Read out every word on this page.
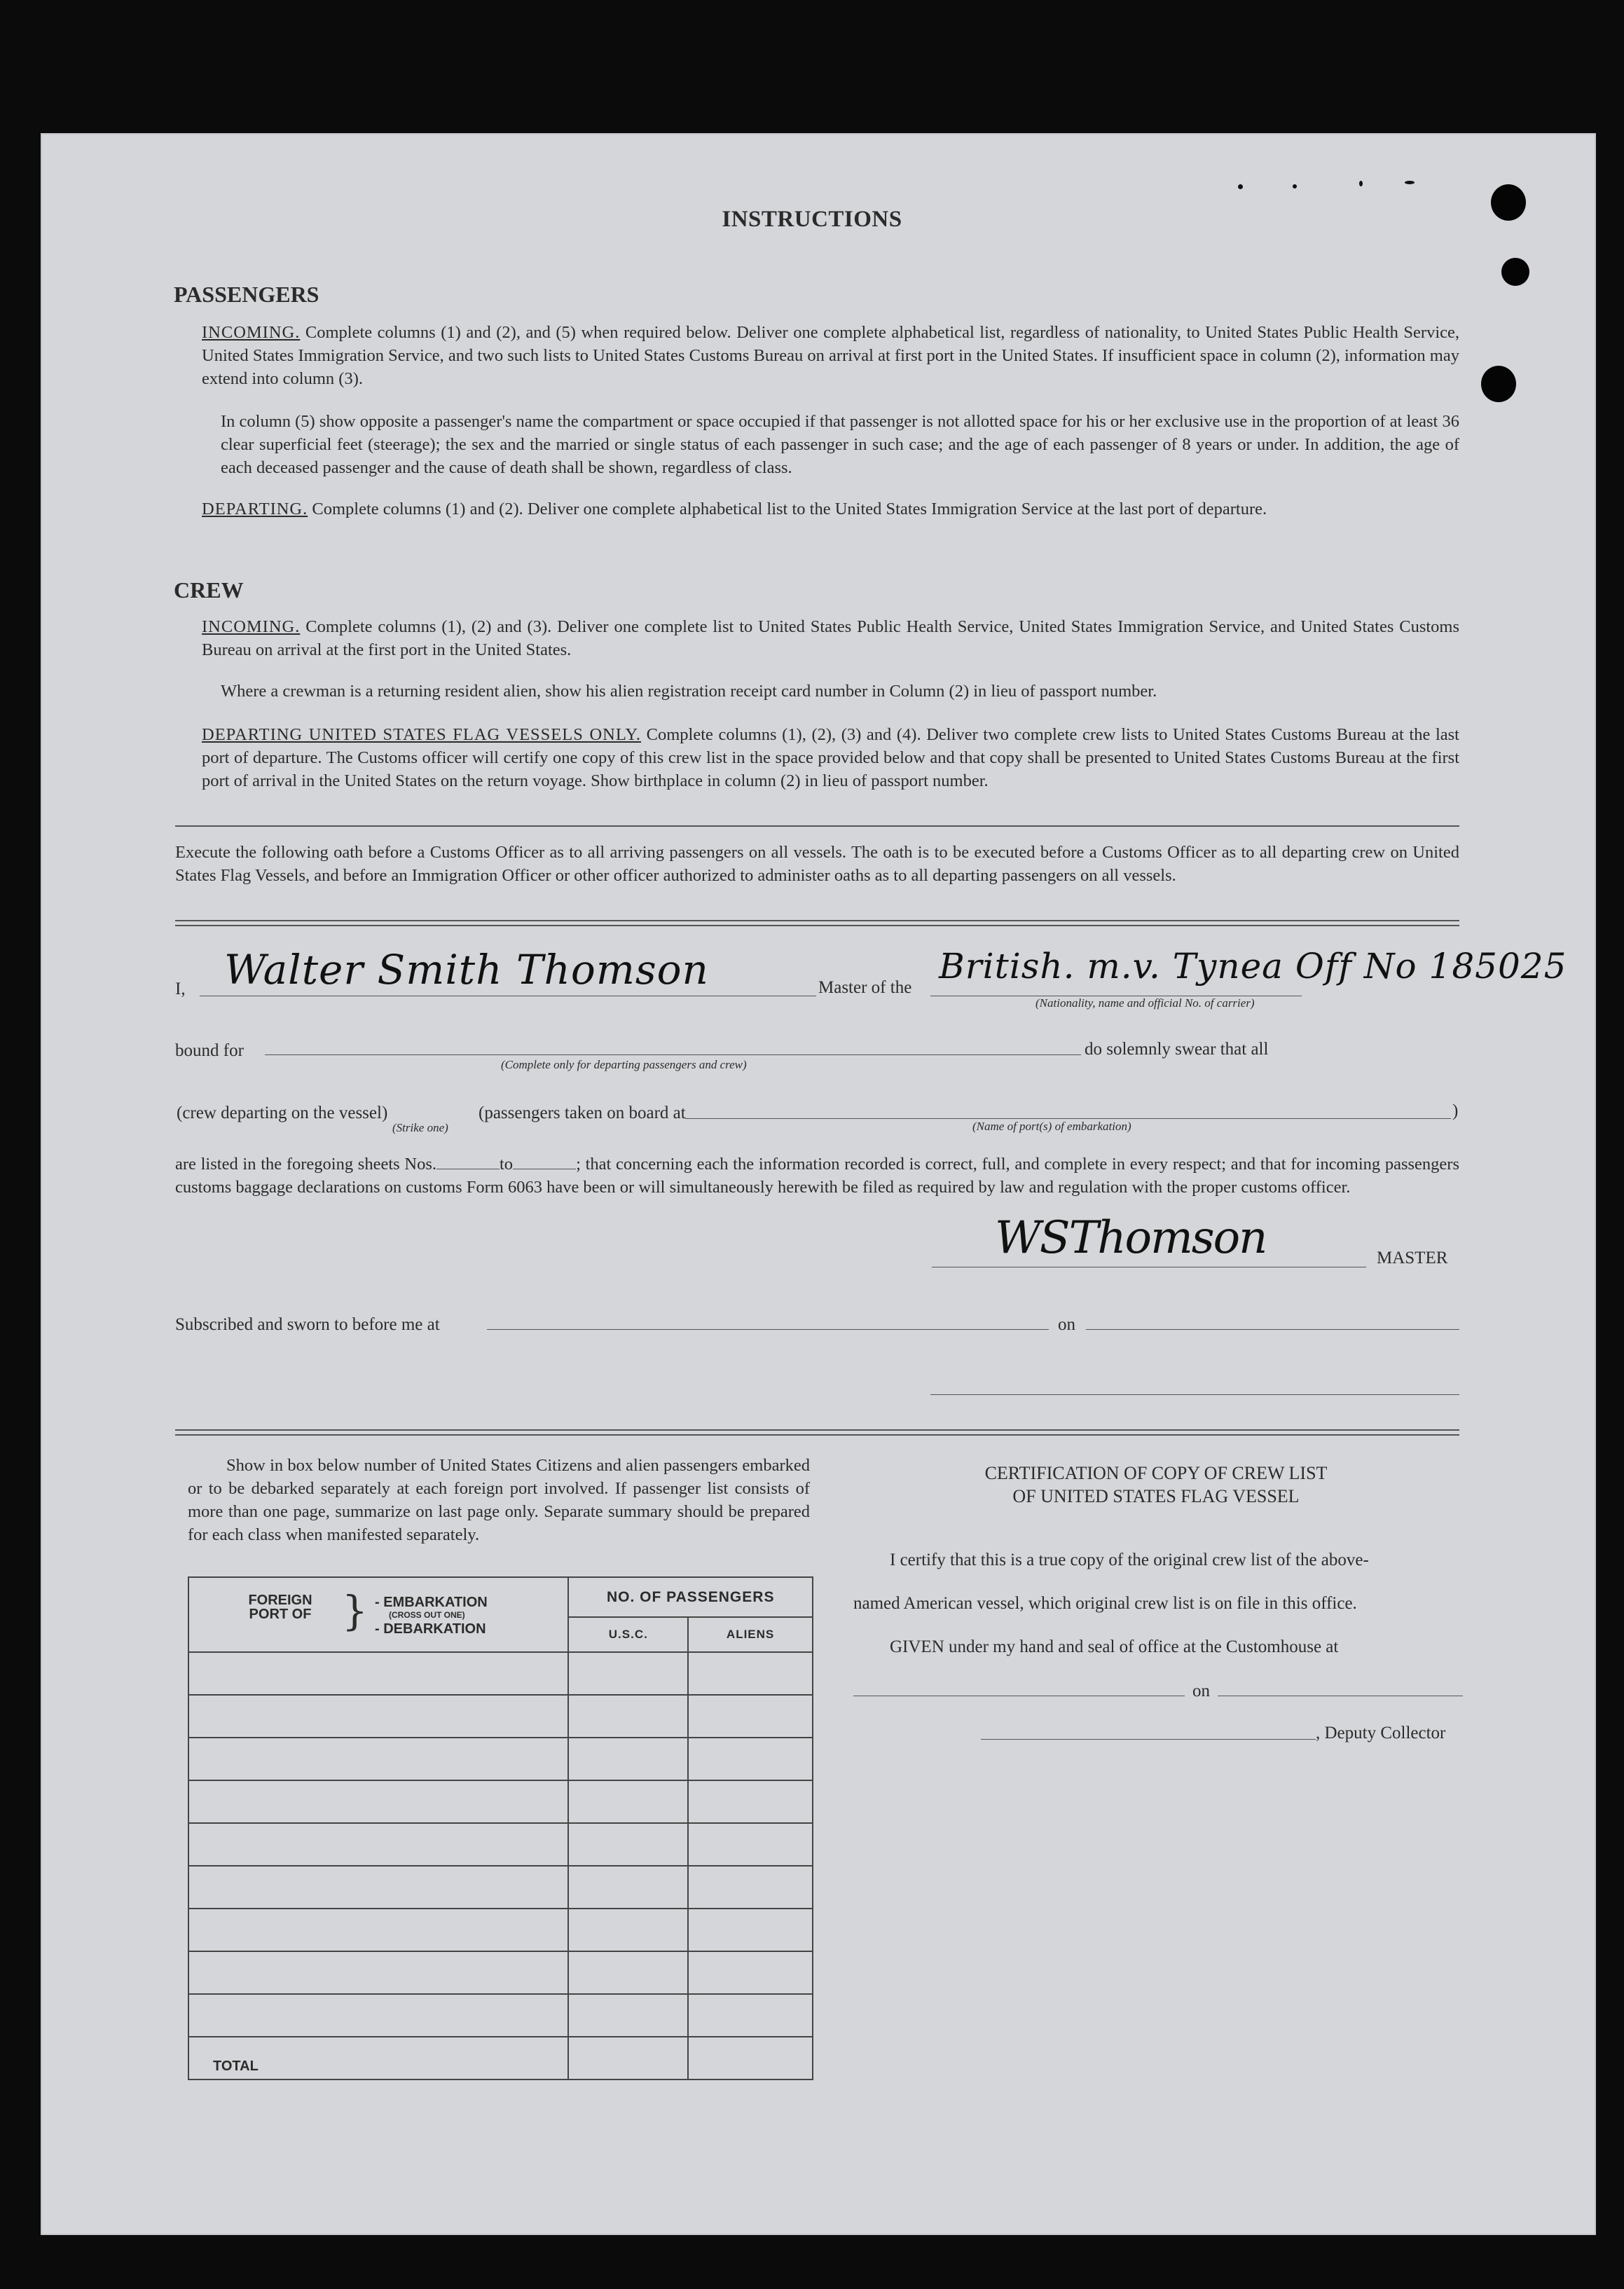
INSTRUCTIONS
PASSENGERS
INCOMING. Complete columns (1) and (2), and (5) when required below. Deliver one complete alphabetical list, regardless of nationality, to United States Public Health Service, United States Immigration Service, and two such lists to United States Customs Bureau on arrival at first port in the United States. If insufficient space in column (2), information may extend into column (3).
In column (5) show opposite a passenger's name the compartment or space occupied if that passenger is not allotted space for his or her exclusive use in the proportion of at least 36 clear superficial feet (steerage); the sex and the married or single status of each passenger in such case; and the age of each passenger of 8 years or under. In addition, the age of each deceased passenger and the cause of death shall be shown, regardless of class.
DEPARTING. Complete columns (1) and (2). Deliver one complete alphabetical list to the United States Immigration Service at the last port of departure.
CREW
INCOMING. Complete columns (1), (2) and (3). Deliver one complete list to United States Public Health Service, United States Immigration Service, and United States Customs Bureau on arrival at the first port in the United States.
Where a crewman is a returning resident alien, show his alien registration receipt card number in Column (2) in lieu of passport number.
DEPARTING UNITED STATES FLAG VESSELS ONLY. Complete columns (1), (2), (3) and (4). Deliver two complete crew lists to United States Customs Bureau at the last port of departure. The Customs officer will certify one copy of this crew list in the space provided below and that copy shall be presented to United States Customs Bureau at the first port of arrival in the United States on the return voyage. Show birthplace in column (2) in lieu of passport number.
Execute the following oath before a Customs Officer as to all arriving passengers on all vessels. The oath is to be executed before a Customs Officer as to all departing crew on United States Flag Vessels, and before an Immigration Officer or other officer authorized to administer oaths as to all departing passengers on all vessels.
I, Walter Smith Thomson	Master of the
British. m.v. Tynea Off No 185025
(Nationality, name and official No. of carrier)
bound for
(Complete only for departing passengers and crew)
do solemnly swear that all
(crew departing on the vessel)
(Strike one)
(passengers taken on board at
(Name of port(s) of embarkation)
)
are listed in the foregoing sheets Nos.	to	; that concerning each the information recorded is correct, full, and complete in every respect; and that for incoming passengers customs baggage declarations on customs Form 6063 have been or will simultaneously herewith be filed as required by law and regulation with the proper customs officer.
WSThomson	MASTER
Subscribed and sworn to before me at	on
Show in box below number of United States Citizens and alien passengers embarked or to be debarked separately at each foreign port involved. If passenger list consists of more than one page, summarize on last page only. Separate summary should be prepared for each class when manifested separately.
FOREIGN PORT OF } - EMBARKATION
(CROSS OUT ONE)
- DEBARKATION	NO. OF PASSENGERS	
	U.S.C.	ALIENS

TOTAL		
CERTIFICATION OF COPY OF CREW LIST
OF UNITED STATES FLAG VESSEL
I certify that this is a true copy of the original crew list of the above-
named American vessel, which original crew list is on file in this office.
GIVEN under my hand and seal of office at the Customhouse at
on
, Deputy Collector
